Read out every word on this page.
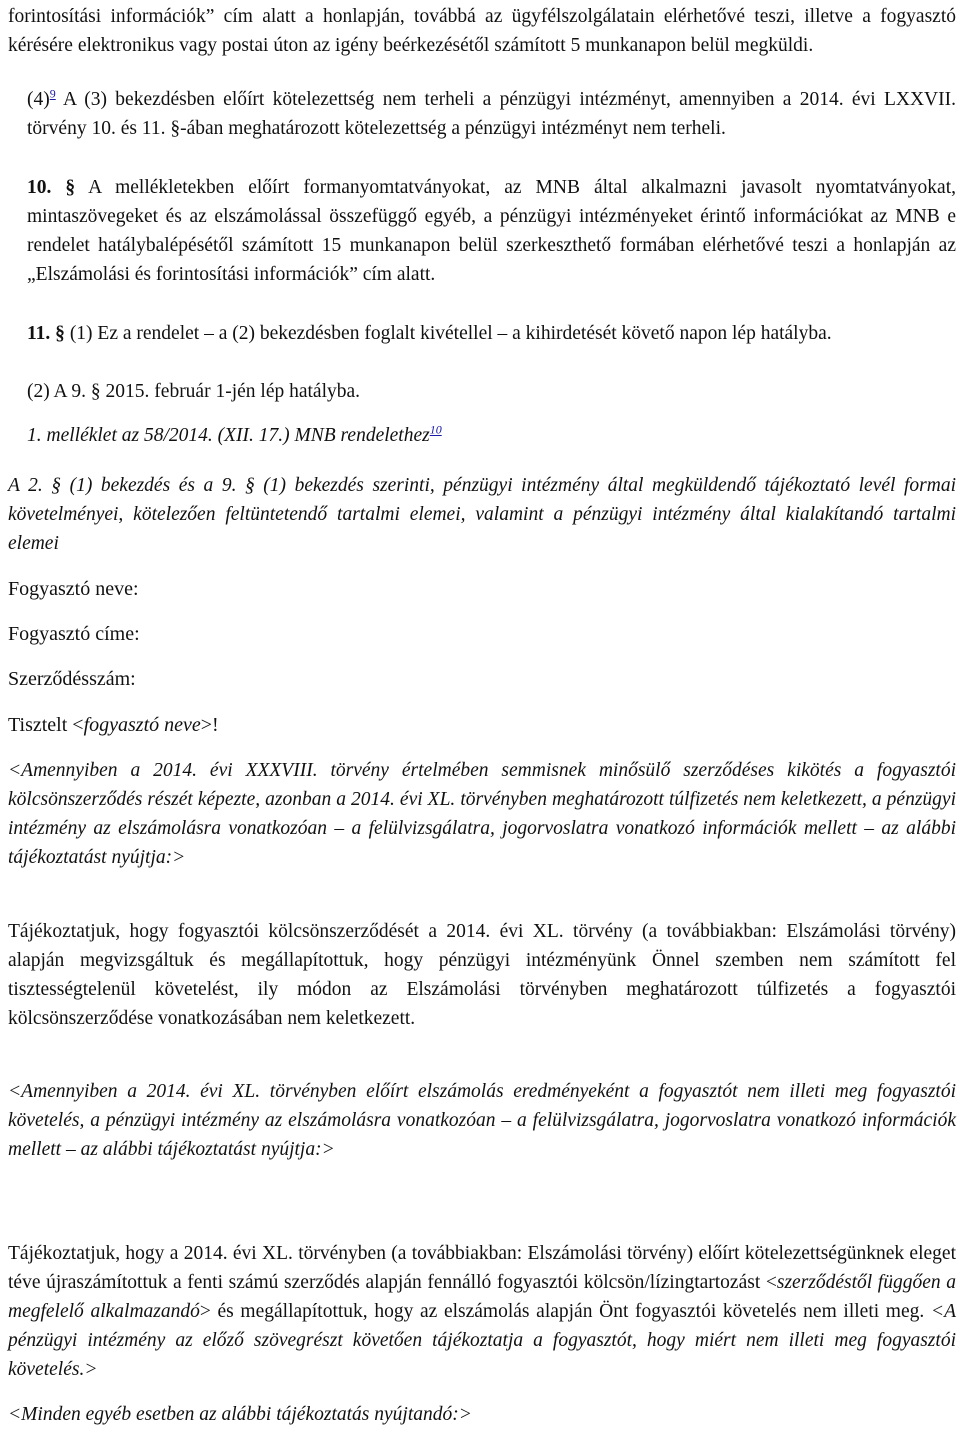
forintosítási információk” cím alatt a honlapján, továbbá az ügyfélszolgálatain elérhetővé teszi, illetve a fogyasztó kérésére elektronikus vagy postai úton az igény beérkezésétől számított 5 munkanapon belül megküldi.

(4)$^9$ A (3) bekezdésben előírt kötelezettség nem terheli a pénzügyi intézményt, amennyiben a 2014. évi LXXVII. törvény 10. és 11. §-ában meghatározott kötelezettség a pénzügyi intézményt nem terheli.

10. § A mellékletekben előírt formanyomtatványokat, az MNB által alkalmazni javasolt nyomtatványokat, mintaszövegeket és az elszámolással összefüggő egyéb, a pénzügyi intézményeket érintő információkat az MNB e rendelet hatálybalépésétől számított 15 munkanapon belül szerkeszthető formában elérhetővé teszi a honlapján az „Elszámolási és forintosítási információk” cím alatt.

11. § (1) Ez a rendelet – a (2) bekezdésben foglalt kivétellel – a kihirdetését követő napon lép hatályba.

(2) A 9. § 2015. február 1-jén lép hatályba.

1. melléklet az 58/2014. (XII. 17.) MNB rendelethez$^{10}$

A 2. § (1) bekezdés és a 9. § (1) bekezdés szerinti, pénzügyi intézmény által megküldendő tájékoztató levél formai követelményei, kötelezően feltüntetendő tartalmi elemei, valamint a pénzügyi intézmény által kialakítandó tartalmi elemei

Fogyasztó neve:

Fogyasztó címe:

Szerződésszám:

Tisztelt <fogyasztó neve>!

<Amennyiben a 2014. évi XXXVIII. törvény értelmében semmisnek minősülő szerződéses kikötés a fogyasztói kölcsönszerződés részét képezte, azonban a 2014. évi XL. törvényben meghatározott túlfizetés nem keletkezett, a pénzügyi intézmény az elszámolásra vonatkozóan – a felülvizsgálatra, jogorvoslatra vonatkozó információk mellett – az alábbi tájékoztatást nyújtja:>

Tájékoztatjuk, hogy fogyasztói kölcsönszerződését a 2014. évi XL. törvény (a továbbiakban: Elszámolási törvény) alapján megvizsgáltuk és megállapítottuk, hogy pénzügyi intézményünk Önnel szemben nem számított fel tisztességtelenül követelést, ily módon az Elszámolási törvényben meghatározott túlfizetés a fogyasztói kölcsönszerződése vonatkozásában nem keletkezett.

<Amennyiben a 2014. évi XL. törvényben előírt elszámolás eredményeként a fogyasztót nem illeti meg fogyasztói követelés, a pénzügyi intézmény az elszámolásra vonatkozóan – a felülvizsgálatra, jogorvoslatra vonatkozó információk mellett – az alábbi tájékoztatást nyújtja:>

Tájékoztatjuk, hogy a 2014. évi XL. törvényben (a továbbiakban: Elszámolási törvény) előírt kötelezettségünknek eleget téve újraszámítottuk a fenti számú szerződés alapján fennálló fogyasztói kölcsön/lízingtartozást <szerződéstől függően a megfelelő alkalmazandó> és megállapítottuk, hogy az elszámolás alapján Önt fogyasztói követelés nem illeti meg. <A pénzügyi intézmény az előző szövegrészt követően tájékoztatja a fogyasztót, hogy miért nem illeti meg fogyasztói követelés.>

<Minden egyéb esetben az alábbi tájékoztatás nyújtandó:>
